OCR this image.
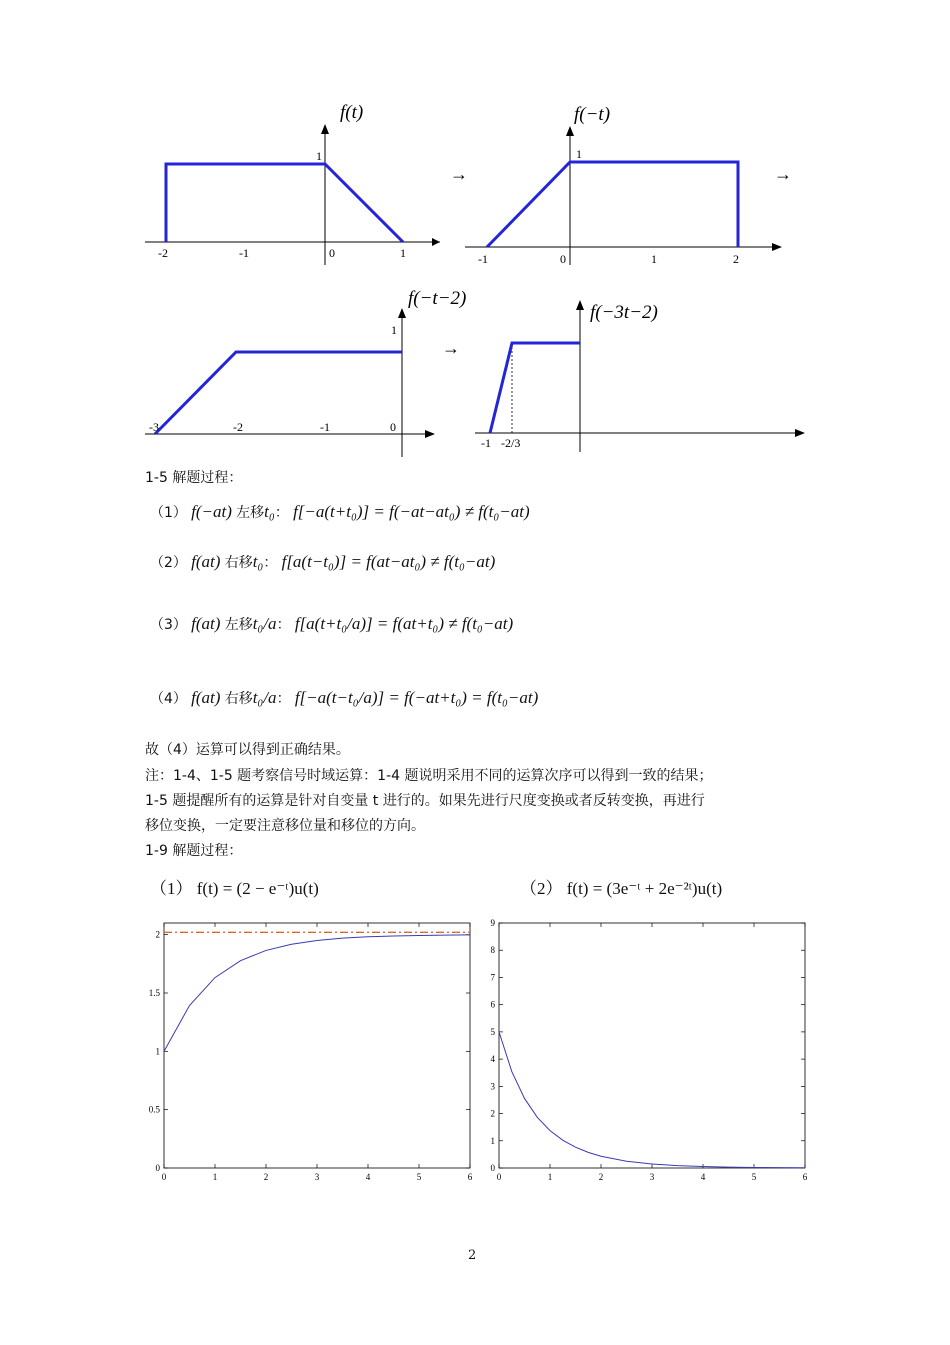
f(t)
1
-2	-1	0	1
→
f(−t)
1
-1	0	1	2
→
f(−t−2)
1
-3	-2	-1	0
→
f(−3t−2)
-1 -2/3
1-5 解题过程：
（1） f(−at) 左移t₀： f[−a(t+t₀)] = f(−at−at₀) ≠ f(t₀−at)
（2） f(at) 右移t₀： f[a(t−t₀)] = f(at−at₀) ≠ f(t₀−at)
（3） f(at) 左移t₀/a： f[a(t+t₀/a)] = f(at+t₀) ≠ f(t₀−at)
（4） f(at) 右移t₀/a： f[−a(t−t₀/a)] = f(−at+t₀) = f(t₀−at)
故（4）运算可以得到正确结果。
注：1-4、1-5 题考察信号时域运算：1-4 题说明采用不同的运算次序可以得到一致的结果；
1-5 题提醒所有的运算是针对自变量 t 进行的。如果先进行尺度变换或者反转变换，再进行
移位变换，一定要注意移位量和移位的方向。
1-9 解题过程：
（1） f(t) = (2 − e⁻ᵗ)u(t)	（2） f(t) = (3e⁻ᵗ + 2e⁻²ᵗ)u(t)
0	1	2	3	4	5	6
0
0.5
1
1.5
2
0	1	2	3	4	5	6
0
1
2
3
4
5
6
7
8
9
2
